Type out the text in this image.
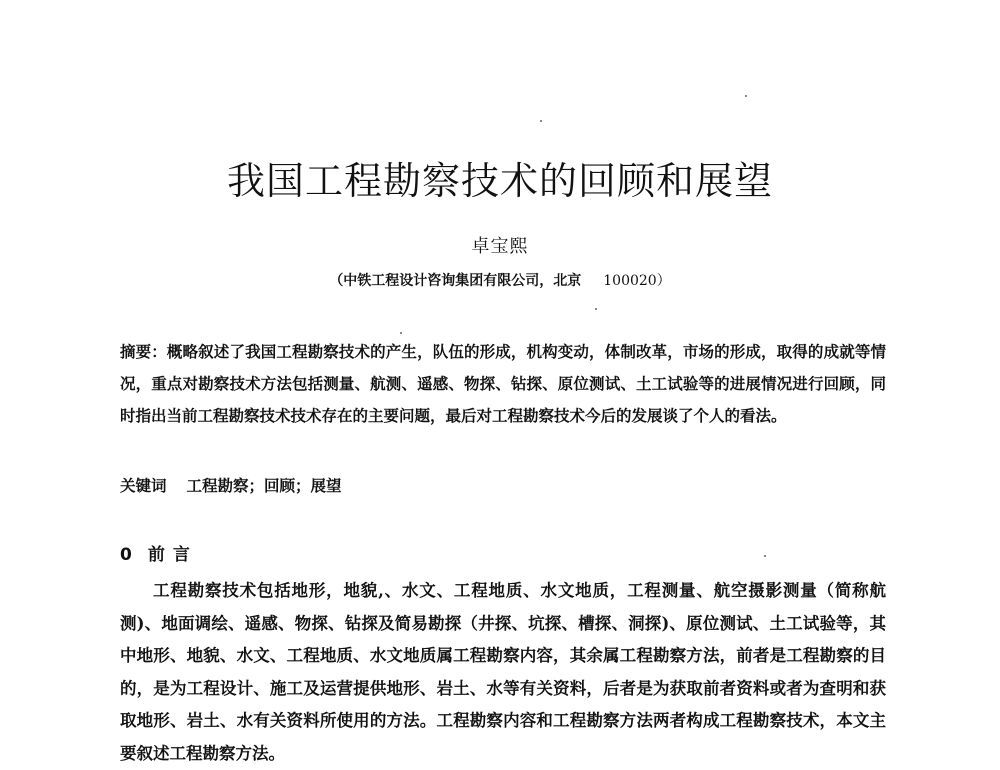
我国工程勘察技术的回顾和展望
卓宝熙
（中铁工程设计咨询集团有限公司，北京 100020）
摘要：概略叙述了我国工程勘察技术的产生，队伍的形成，机构变动，体制改革，市场的形成，取得的成就等情况，重点对勘察技术方法包括测量、航测、遥感、物探、钻探、原位测试、土工试验等的进展情况进行回顾，同时指出当前工程勘察技术技术存在的主要问题，最后对工程勘察技术今后的发展谈了个人的看法。
关键词 工程勘察；回顾；展望
0 前言
工程勘察技术包括地形，地貌,、水文、工程地质、水文地质，工程测量、航空摄影测量（简称航测)、地面调绘、遥感、物探、钻探及简易勘探（井探、坑探、槽探、洞探)、原位测试、土工试验等，其中地形、地貌、水文、工程地质、水文地质属工程勘察内容，其余属工程勘察方法，前者是工程勘察的目的，是为工程设计、施工及运营提供地形、岩土、水等有关资料，后者是为获取前者资料或者为查明和获取地形、岩土、水有关资料所使用的方法。工程勘察内容和工程勘察方法两者构成工程勘察技术，本文主要叙述工程勘察方法。
